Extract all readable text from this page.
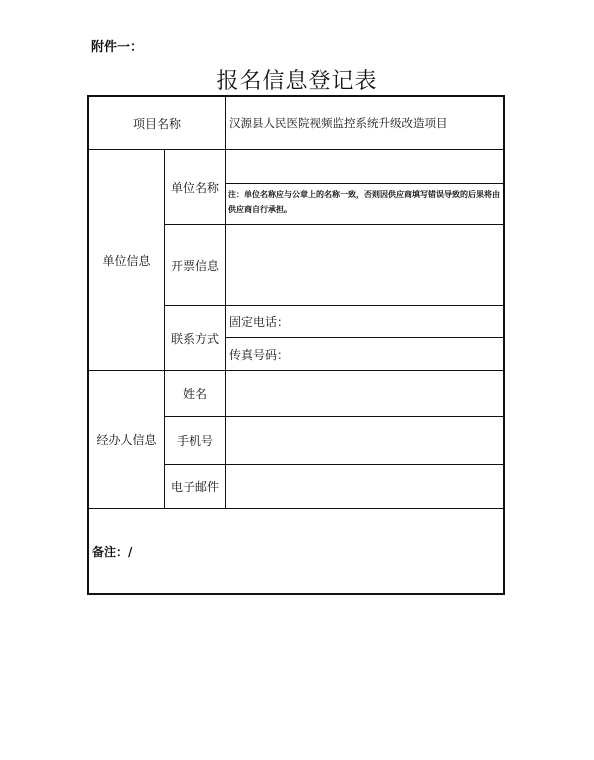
附件一：
报名信息登记表
项目名称	汉源县人民医院视频监控系统升级改造项目
单位信息
单位名称	注：单位名称应与公章上的名称一致，否则因供应商填写错误导致的后果将由供应商自行承担。
开票信息
联系方式
固定电话：
传真号码：
经办人信息
姓名
手机号
电子邮件
备注：/
